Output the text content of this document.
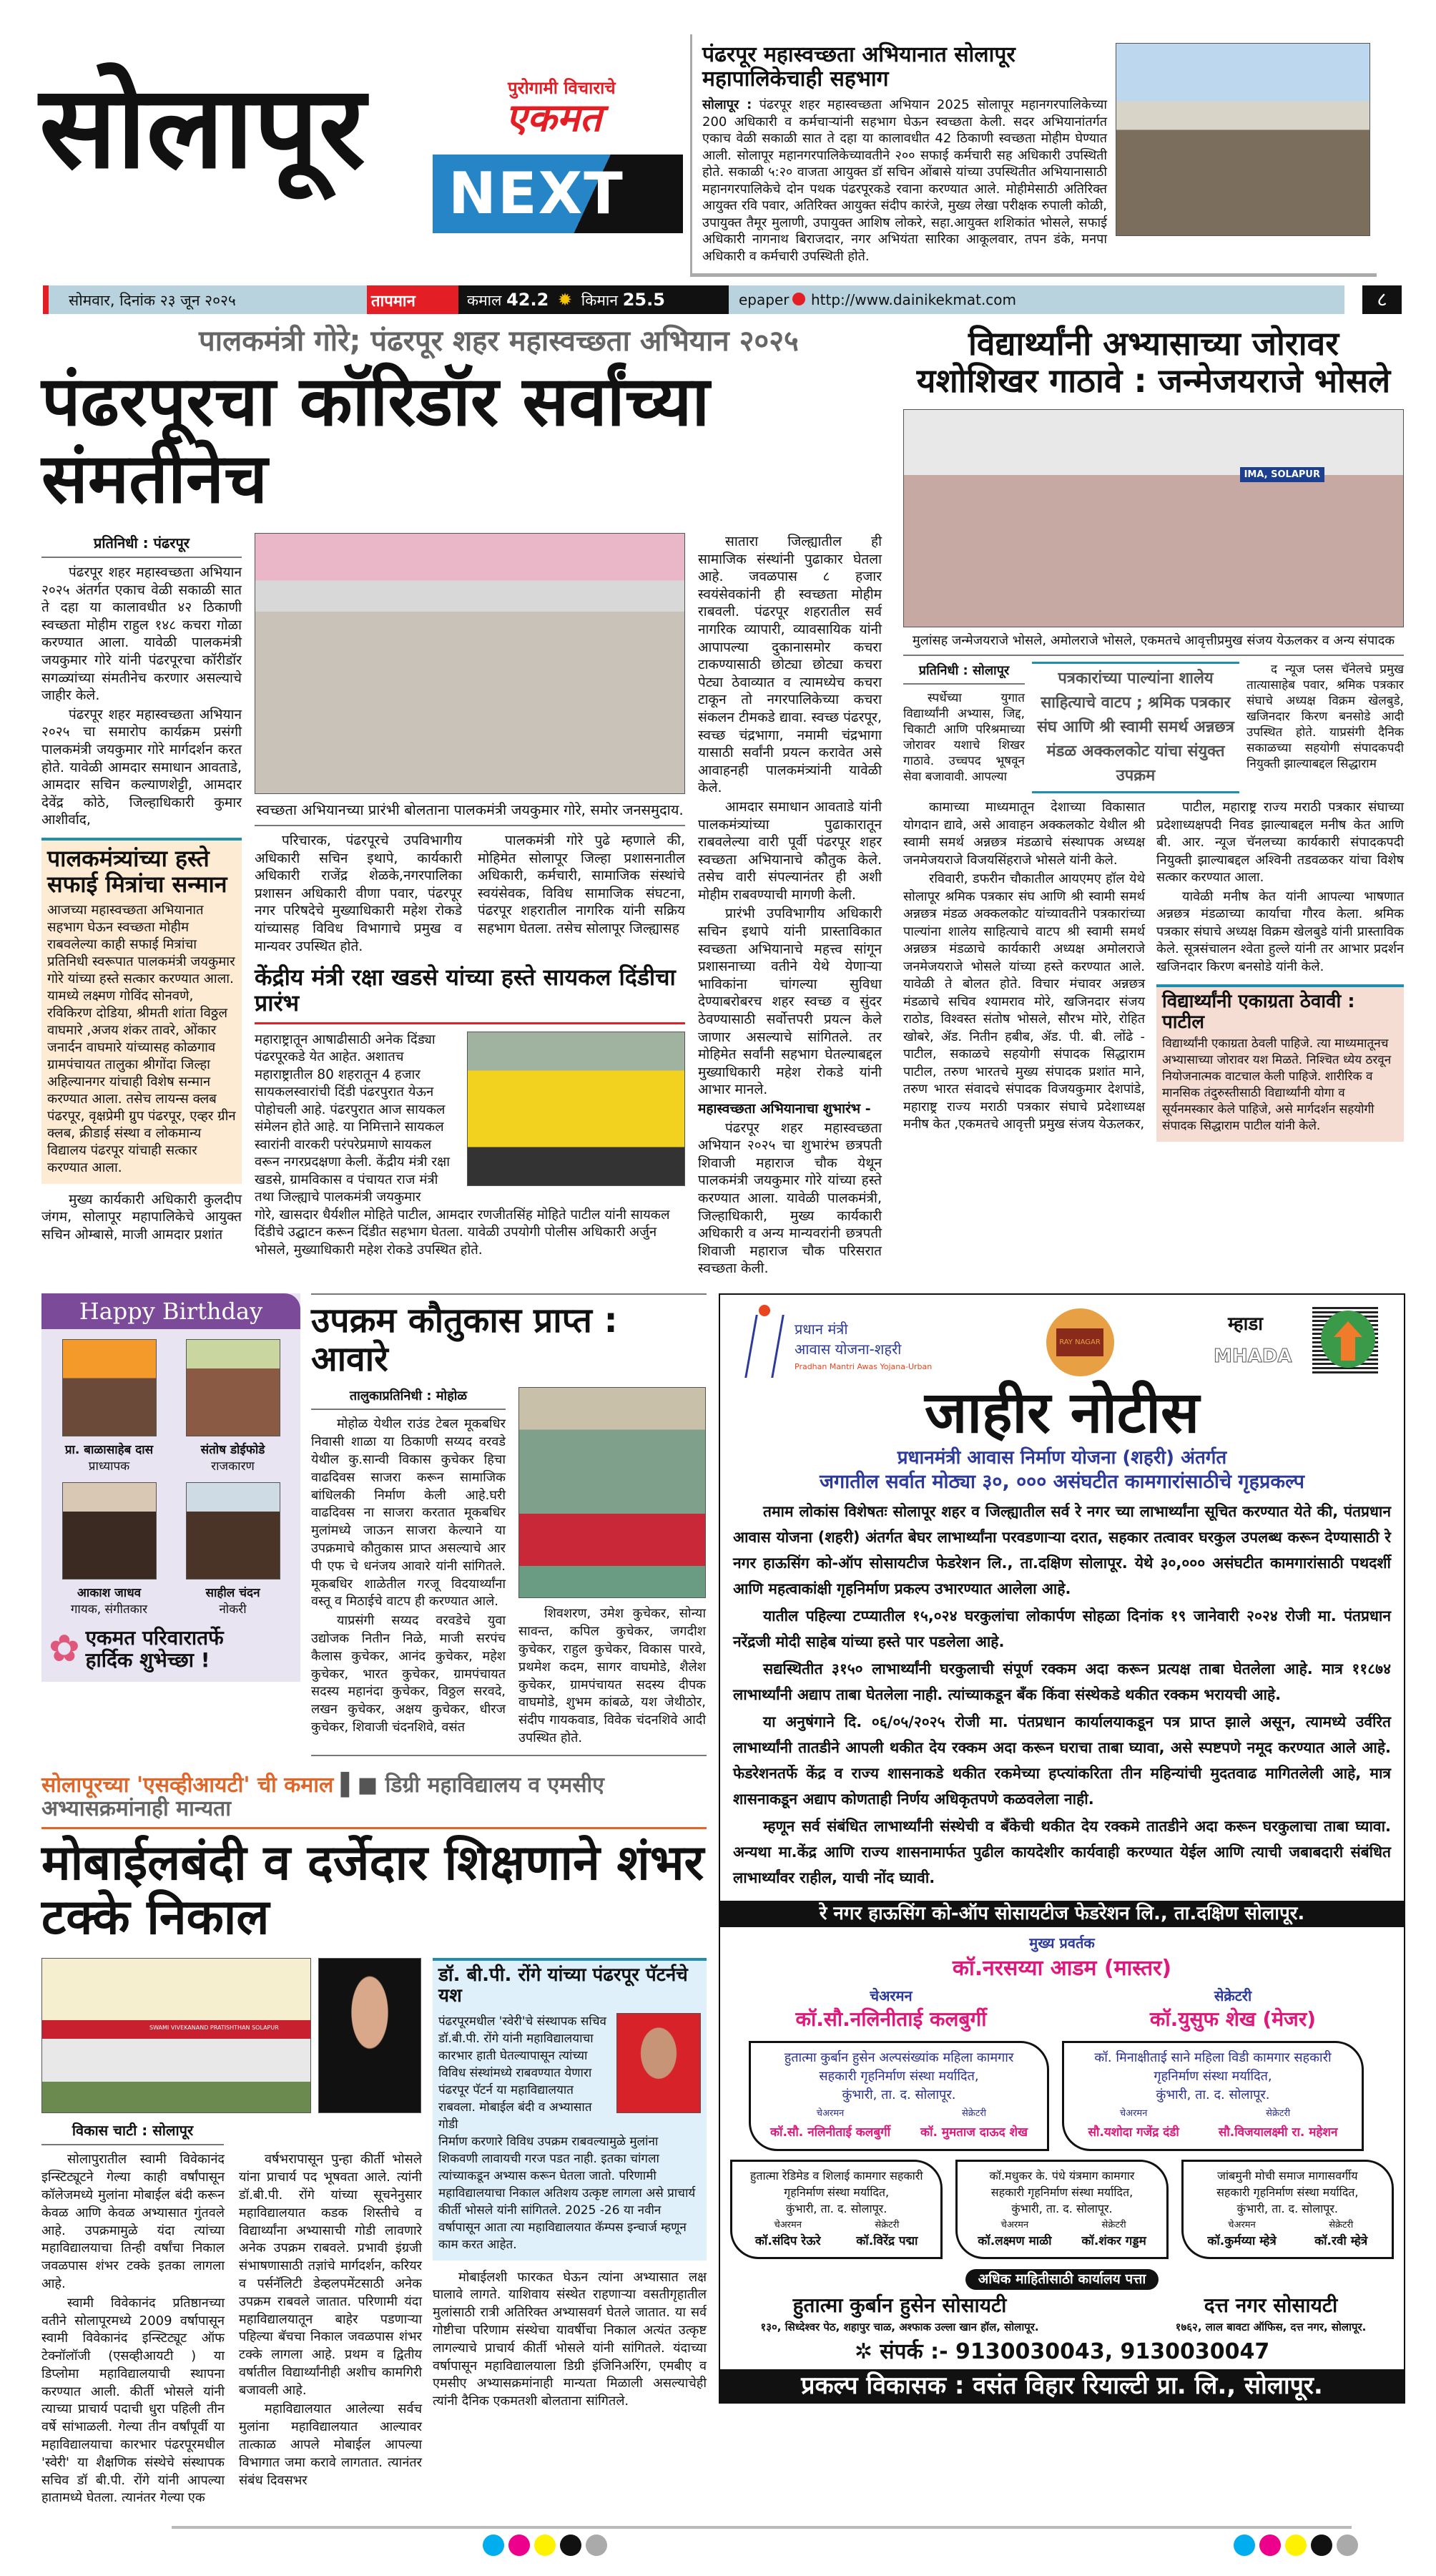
सोलापूर	पुरोगामी विचाराचे
एकमत
NEXT
पंढरपूर महास्वच्छता अभियानात सोलापूर महापालिकेचाही सहभाग
सोलापूर : पंढरपूर शहर महास्वच्छता अभियान 2025 सोलापूर महानगरपालिकेच्या 200 अधिकारी व कर्मचाऱ्यांनी सहभाग घेऊन स्वच्छता केली. सदर अभियानांतर्गत एकाच वेळी सकाळी सात ते दहा या कालावधीत 42 ठिकाणी स्वच्छता मोहीम घेण्यात आली. सोलापूर महानगरपालिकेच्यावतीने २०० सफाई कर्मचारी सह अधिकारी उपस्थिती होते. सकाळी ५:२० वाजता आयुक्त डॉ सचिन ओंबासे यांच्या उपस्थितीत अभियानासाठी महानगरपालिकेचे दोन पथक पंढरपूरकडे रवाना करण्यात आले. मोहीमेसाठी अतिरिक्त आयुक्त रवि पवार, अतिरिक्त आयुक्त संदीप कारंजे, मुख्य लेखा परीक्षक रुपाली कोळी, उपायुक्त तैमूर मुलाणी, उपायुक्त आशिष लोकरे, सहा.आयुक्त शशिकांत भोसले, सफाई अधिकारी नागनाथ बिराजदार, नगर अभियंता सारिका आकूलवार, तपन डंके, मनपा अधिकारी व कर्मचारी उपस्थिती होते.
सोमवार, दिनांक २३ जून २०२५	तापमान	कमाल 42.2 ✹ किमान 25.5	epaper http://www.dainikekmat.com	८
पालकमंत्री गोरे; पंढरपूर शहर महास्वच्छता अभियान २०२५
पंढरपूरचा कॉरिडॉर सर्वांच्या संमतीनेच
प्रतिनिधी : पंढरपूर

पंढरपूर शहर महास्वच्छता अभियान २०२५ अंतर्गत एकाच वेळी सकाळी सात ते दहा या कालावधीत ४२ ठिकाणी स्वच्छता मोहीम राहुल १४८ कचरा गोळा करण्यात आला. यावेळी पालकमंत्री जयकुमार गोरे यांनी पंढरपूरचा कॉरीडॉर सगळ्यांच्या संमतीनेच करणार असल्याचे जाहीर केले.

पंढरपूर शहर महास्वच्छता अभियान २०२५ चा समारोप कार्यक्रम प्रसंगी पालकमंत्री जयकुमार गोरे मार्गदर्शन करत होते. यावेळी आमदार समाधान आवताडे, आमदार सचिन कल्याणशेट्टी, आमदार देवेंद्र कोठे, जिल्हाधिकारी कुमार आशीर्वाद,

पालकमंत्र्यांच्या हस्ते
सफाई मित्रांचा सन्मान
आजच्या महास्वच्छता अभियानात सहभाग घेऊन स्वच्छता मोहीम राबवलेल्या काही सफाई मित्रांचा प्रतिनिधी स्वरूपात पालकमंत्री जयकुमार गोरे यांच्या हस्ते सत्कार करण्यात आला. यामध्ये लक्ष्मण गोविंद सोनवणे, रविकिरण दोडिया, श्रीमती शांता विठ्ठल वाघमारे ,अजय शंकर तावरे, ओंकार जनार्दन वाघमारे यांच्यासह कोळगाव ग्रामपंचायत तालुका श्रीगोंदा जिल्हा अहिल्यानगर यांचाही विशेष सन्मान करण्यात आला. तसेच लायन्स क्लब पंढरपूर, वृक्षप्रेमी ग्रुप पंढरपूर, एव्हर ग्रीन क्लब, क्रीडाई संस्था व लोकमान्य विद्यालय पंढरपूर यांचाही सत्कार करण्यात आला.

मुख्य कार्यकारी अधिकारी कुलदीप जंगम, सोलापूर महापालिकेचे आयुक्त सचिन ओम्बासे, माजी आमदार प्रशांत

स्वच्छता अभियानच्या प्रारंभी बोलताना पालकमंत्री जयकुमार गोरे, समोर जनसमुदाय.

परिचारक, पंढरपूरचे उपविभागीय अधिकारी सचिन इथापे, कार्यकारी अधिकारी राजेंद्र शेळके,नगरपालिका प्रशासन अधिकारी वीणा पवार, पंढरपूर नगर परिषदेचे मुख्याधिकारी महेश रोकडे यांच्यासह विविध विभागाचे प्रमुख व मान्यवर उपस्थित होते.

पालकमंत्री गोरे पुढे म्हणाले की, मोहिमेत सोलापूर जिल्हा प्रशासनातील अधिकारी, कर्मचारी, सामाजिक संस्थांचे स्वयंसेवक, विविध सामाजिक संघटना, पंढरपूर शहरातील नागरिक यांनी सक्रिय सहभाग घेतला. तसेच सोलापूर जिल्ह्यासह

केंद्रीय मंत्री रक्षा खडसे यांच्या हस्ते सायकल दिंडीचा प्रारंभ
महाराष्ट्रातून आषाढीसाठी अनेक दिंड्या पंढरपूरकडे येत आहेत. अशातच महाराष्ट्रातील 80 शहरातून 4 हजार सायकलस्वारांची दिंडी पंढरपुरात येऊन पोहोचली आहे. पंढरपुरात आज सायकल संमेलन होते आहे. या निमित्ताने सायकल स्वारांनी वारकरी परंपरेप्रमाणे सायकल वरून नगरप्रदक्षणा केली. केंद्रीय मंत्री रक्षा खडसे, ग्रामविकास व पंचायत राज मंत्री तथा जिल्ह्याचे पालकमंत्री जयकुमार
गोरे, खासदार धैर्यशील मोहिते पाटील, आमदार रणजीतसिंह मोहिते पाटील यांनी सायकल दिंडीचे उद्घाटन करून दिंडीत सहभाग घेतला. यावेळी उपयोगी पोलीस अधिकारी अर्जुन भोसले, मुख्याधिकारी महेश रोकडे उपस्थित होते.

सातारा जिल्ह्यातील ही सामाजिक संस्थांनी पुढाकार घेतला आहे. जवळपास ८ हजार स्वयंसेवकांनी ही स्वच्छता मोहीम राबवली. पंढरपूर शहरातील सर्व नागरिक व्यापारी, व्यावसायिक यांनी आपापल्या दुकानासमोर कचरा टाकण्यासाठी छोट्या छोट्या कचरा पेट्या ठेवाव्यात व त्यामध्येच कचरा टाकून तो नगरपालिकेच्या कचरा संकलन टीमकडे द्यावा. स्वच्छ पंढरपूर, स्वच्छ चंद्रभागा, नमामी चंद्रभागा यासाठी सर्वांनी प्रयत्न करावेत असे आवाहनही पालकमंत्र्यांनी यावेळी केले.

आमदार समाधान आवताडे यांनी पालकमंत्र्यांच्या पुढाकारातून राबवलेल्या वारी पूर्वी पंढरपूर शहर स्वच्छता अभियानाचे कौतुक केले. तसेच वारी संपल्यानंतर ही अशी मोहीम राबवण्याची मागणी केली.

प्रारंभी उपविभागीय अधिकारी सचिन इथापे यांनी प्रास्ताविकात स्वच्छता अभियानाचे महत्त्व सांगून प्रशासनाच्या वतीने येथे येणाऱ्या भाविकांना चांगल्या सुविधा देण्याबरोबरच शहर स्वच्छ व सुंदर ठेवण्यासाठी सर्वोत्तपरी प्रयत्न केले जाणार असल्याचे सांगितले. तर मोहिमेत सर्वांनी सहभाग घेतल्याबद्दल मुख्याधिकारी महेश रोकडे यांनी आभार मानले.

महास्वच्छता अभियानाचा शुभारंभ -

पंढरपूर शहर महास्वच्छता अभियान २०२५ चा शुभारंभ छत्रपती शिवाजी महाराज चौक येथून पालकमंत्री जयकुमार गोरे यांच्या हस्ते करण्यात आला. यावेळी पालकमंत्री, जिल्हाधिकारी, मुख्य कार्यकारी अधिकारी व अन्य मान्यवरांनी छत्रपती शिवाजी महाराज चौक परिसरात स्वच्छता केली.

विद्यार्थ्यांनी अभ्यासाच्या जोरावर
यशोशिखर गाठावे : जन्मेजयराजे भोसले
IMA, SOLAPUR
मुलांसह जन्मेजयराजे भोसले, अमोलराजे भोसले, एकमतचे आवृत्तीप्रमुख संजय येऊलकर व अन्य संपादक
प्रतिनिधी : सोलापूर

स्पर्धेच्या युगात विद्यार्थ्यांनी अभ्यास, जिद्द, चिकाटी आणि परिश्रमाच्या जोरावर यशाचे शिखर गाठावे. उच्चपद भूषवून सेवा बजावावी. आपल्या

पत्रकारांच्या पाल्यांना शालेय साहित्याचे वाटप ; श्रमिक पत्रकार संघ आणि श्री स्वामी समर्थ अन्नछत्र मंडळ अक्कलकोट यांचा संयुक्त उपक्रम

द न्यूज प्लस चॅनेलचे प्रमुख तात्यासाहेब पवार, श्रमिक पत्रकार संघाचे अध्यक्ष विक्रम खेलबुडे, खजिनदार किरण बनसोडे आदी उपस्थित होते. याप्रसंगी दैनिक सकाळच्या सहयोगी संपादकपदी नियुक्ती झाल्याबद्दल सिद्धाराम

कामाच्या माध्यमातून देशाच्या विकासात योगदान द्यावे, असे आवाहन अक्कलकोट येथील श्री स्वामी समर्थ अन्नछत्र मंडळाचे संस्थापक अध्यक्ष जनमेजयराजे विजयसिंहराजे भोसले यांनी केले.

रविवारी, डफरीन चौकातील आयएमए हॉल येथे सोलापूर श्रमिक पत्रकार संघ आणि श्री स्वामी समर्थ अन्नछत्र मंडळ अक्कलकोट यांच्यावतीने पत्रकारांच्या पाल्यांना शालेय साहित्याचे वाटप श्री स्वामी समर्थ अन्नछत्र मंडळाचे कार्यकारी अध्यक्ष अमोलराजे जनमेजयराजे भोसले यांच्या हस्ते करण्यात आले. यावेळी ते बोलत होते. विचार मंचावर अन्नछत्र मंडळाचे सचिव श्यामराव मोरे, खजिनदार संजय राठोड, विश्वस्त संतोष भोसले, सौरभ मोरे, रोहित खोबरे, ॲड. नितीन हबीब, ॲड. पी. बी. लोंढे - पाटील, सकाळचे सहयोगी संपादक सिद्धाराम पाटील, तरुण भारतचे मुख्य संपादक प्रशांत माने, तरुण भारत संवादचे संपादक विजयकुमार देशपांडे, महाराष्ट्र राज्य मराठी पत्रकार संघाचे प्रदेशाध्यक्ष मनीष केत ,एकमतचे आवृत्ती प्रमुख संजय येऊलकर,

पाटील, महाराष्ट्र राज्य मराठी पत्रकार संघाच्या प्रदेशाध्यक्षपदी निवड झाल्याबद्दल मनीष केत आणि बी. आर. न्यूज चॅनलच्या कार्यकारी संपादकपदी नियुक्ती झाल्याबद्दल अश्विनी तडवळकर यांचा विशेष सत्कार करण्यात आला.

यावेळी मनीष केत यांनी आपल्या भाषणात अन्नछत्र मंडळाच्या कार्याचा गौरव केला. श्रमिक पत्रकार संघाचे अध्यक्ष विक्रम खेलबुडे यांनी प्रास्ताविक केले. सूत्रसंचालन श्वेता हुल्ले यांनी तर आभार प्रदर्शन खजिनदार किरण बनसोडे यांनी केले.

विद्यार्थ्यांनी एकाग्रता ठेवावी : पाटील
विद्यार्थ्यांनी एकाग्रता ठेवली पाहिजे. त्या माध्यमातूनच अभ्यासाच्या जोरावर यश मिळते. निश्चित ध्येय ठरवून नियोजनात्मक वाटचाल केली पाहिजे. शारीरिक व मानसिक तंदुरुस्तीसाठी विद्यार्थ्यांनी योगा व सूर्यनमस्कार केले पाहिजे, असे मार्गदर्शन सहयोगी संपादक सिद्धाराम पाटील यांनी केले.
Happy Birthday
प्रा. बाळासाहेब दास
प्राध्यापक
संतोष डोईफोडे
राजकारण
आकाश जाधव
गायक, संगीतकार
साहील चंदन
नोकरी
✿ एकमत परिवारातर्फे
हार्दिक शुभेच्छा !
उपक्रम कौतुकास प्राप्त : आवारे
तालुकाप्रतिनिधी : मोहोळ

मोहोळ येथील राउंड टेबल मूकबधिर निवासी शाळा या ठिकाणी सय्यद वरवडे येथील कु.सान्वी विकास कुचेकर हिचा वाढदिवस साजरा करून सामाजिक बांधिलकी निर्माण केली आहे.घरी वाढदिवस ना साजरा करतात मूकबधिर मुलांमध्ये जाऊन साजरा केल्याने या उपक्रमाचे कौतुकास प्राप्त असल्याचे आर पी एफ चे धनंजय आवारे यांनी सांगितले. मूकबधिर शाळेतील गरजू विदयार्थ्यांना वस्तू व मिठाईचे वाटप ही करण्यात आले.

याप्रसंगी सय्यद वरवडेचे युवा उद्योजक नितीन निळे, माजी सरपंच कैलास कुचेकर, आनंद कुचेकर, महेश कुचेकर, भारत कुचेकर, ग्रामपंचायत सदस्य महानंदा कुचेकर, विठ्ठल सरवदे, लखन कुचेकर, अक्षय कुचेकर, धीरज कुचेकर, शिवाजी चंदनशिवे, वसंत

शिवशरण, उमेश कुचेकर, सोन्या सावन्त, कपिल कुचेकर, जगदीश कुचेकर, राहुल कुचेकर, विकास पारवे, प्रथमेश कदम, सागर वाघमोडे, शैलेश कुचेकर, ग्रामपंचायत सदस्य दीपक वाघमोडे, शुभम कांबळे, यश जेथीठोर, संदीप गायकवाड, विवेक चंदनशिवे आदी उपस्थित होते.

सोलापूरच्या 'एसव्हीआयटी' ची कमाल ▌■ डिग्री महाविद्यालय व एमसीए अभ्यासक्रमांनाही मान्यता
मोबाईलबंदी व दर्जेदार शिक्षणाने शंभर टक्के निकाल
SWAMI VIVEKANAND PRATISHTHAN SOLAPUR
विकास चाटी : सोलापूर

सोलापुरातील स्वामी विवेकानंद इन्स्टिट्यूटने गेल्या काही वर्षांपासून कॉलेजमध्ये मुलांना मोबाईल बंदी करून केवळ आणि केवळ अभ्यासात गुंतवले आहे. उपक्रमामुळे यंदा त्यांच्या महाविद्यालयाचा तिन्ही वर्षांचा निकाल जवळपास शंभर टक्के इतका लागला आहे.

स्वामी विवेकानंद प्रतिष्ठानच्या वतीने सोलापूरमध्ये 2009 वर्षापासून स्वामी विवेकानंद इन्स्टिट्यूट ऑफ टेक्नॉलॉजी (एसव्हीआयटी ) या डिप्लोमा महाविद्यालयाची स्थापना करण्यात आली. कीर्ती भोसले यांनी त्याच्या प्राचार्य पदाची धुरा पहिली तीन वर्षे सांभाळली. गेल्या तीन वर्षांपूर्वी या महाविद्यालयाचा कारभार पंढरपूरमधील 'स्वेरी' या शैक्षणिक संस्थेचे संस्थापक सचिव डॉ बी.पी. रोंगे यांनी आपल्या हातामध्ये घेतला. त्यानंतर गेल्या एक

वर्षभरापासून पुन्हा कीर्ती भोसले यांना प्राचार्य पद भूषवता आले. त्यांनी डॉ.बी.पी. रोंगे यांच्या सूचनेनुसार महाविद्यालयात कडक शिस्तीचे व विद्यार्थ्यांना अभ्यासाची गोडी लावणारे अनेक उपक्रम राबवले. प्रभावी इंग्रजी संभाषणासाठी तज्ञांचे मार्गदर्शन, करियर व पर्सनॅलिटी डेव्हलपमेंटसाठी अनेक उपक्रम राबवले जातात. परिणामी यंदा महाविद्यालयातून बाहेर पडणाऱ्या पहिल्या बॅचचा निकाल जवळपास शंभर टक्के लागला आहे. प्रथम व द्वितीय वर्षातील विद्यार्थ्यांनीही अशीच कामगिरी बजावली आहे.

महाविद्यालयात आलेल्या सर्वच मुलांना महाविद्यालयात आल्यावर तात्काळ आपले मोबाईल आपल्या विभागात जमा करावे लागतात. त्यानंतर संबंध दिवसभर

डॉ. बी.पी. रोंगे यांच्या पंढरपूर पॅटर्नचे यश
पंढरपूरमधील 'स्वेरी'चे संस्थापक सचिव डॉ.बी.पी. रोंगे यांनी महाविद्यालयाचा कारभार हाती घेतल्यापासून त्यांच्या विविध संस्थांमध्ये राबवण्यात येणारा पंढरपूर पॅटर्न या महाविद्यालयात राबवला. मोबाईल बंदी व अभ्यासात गोडी
निर्माण करणारे विविध उपक्रम राबवल्यामुळे मुलांना शिकवणी लावायची गरज पडत नाही. इतका चांगला त्यांच्याकडून अभ्यास करून घेतला जातो. परिणामी महाविद्यालयाचा निकाल अतिशय उत्कृष्ट लागला असे प्राचार्य कीर्ती भोसले यांनी सांगितले. 2025 -26 या नवीन वर्षापासून आता त्या महाविद्यालयात कॅम्पस इन्चार्ज म्हणून काम करत आहेत.

मोबाईलशी फारकत घेऊन त्यांना अभ्यासात लक्ष घालावे लागते. याशिवाय संस्थेत राहणाऱ्या वसतीगृहातील मुलांसाठी रात्री अतिरिक्त अभ्यासवर्ग घेतले जातात. या सर्व गोष्टीचा परिणाम संस्थेचा यावर्षीचा निकाल अत्यंत उत्कृष्ट लागल्याचे प्राचार्य कीर्ती भोसले यांनी सांगितले. यंदाच्या वर्षापासून महाविद्यालयाला डिग्री इंजिनिअरिंग, एमबीए व एमसीए अभ्यासक्रमांनाही मान्यता मिळाली असल्याचेही त्यांनी दैनिक एकमतशी बोलताना सांगितले.

प्रधान मंत्री
आवास योजना-शहरी
Pradhan Mantri Awas Yojana-Urban
RAY NAGAR
म्हाडा
MHADA
जाहीर नोटीस
प्रधानमंत्री आवास निर्माण योजना (शहरी) अंतर्गत
जगातील सर्वात मोठ्या ३०, ००० असंघटीत कामगारांसाठीचे गृहप्रकल्प

तमाम लोकांस विशेषतः सोलापूर शहर व जिल्ह्यातील सर्व रे नगर च्या लाभार्थ्यांना सूचित करण्यात येते की, पंतप्रधान आवास योजना (शहरी) अंतर्गत बेघर लाभार्थ्यांना परवडणाऱ्या दरात, सहकार तत्वावर घरकुल उपलब्ध करून देण्यासाठी रे नगर हाऊसिंग को-ऑप सोसायटीज फेडरेशन लि., ता.दक्षिण सोलापूर. येथे ३०,००० असंघटीत कामगारांसाठी पथदर्शी आणि महत्वाकांक्षी गृहनिर्माण प्रकल्प उभारण्यात आलेला आहे.

यातील पहिल्या टप्प्यातील १५,०२४ घरकुलांचा लोकार्पण सोहळा दिनांक १९ जानेवारी २०२४ रोजी मा. पंतप्रधान नरेंद्रजी मोदी साहेब यांच्या हस्ते पार पडलेला आहे.

सद्यस्थितीत ३१५० लाभार्थ्यांनी घरकुलाची संपूर्ण रक्कम अदा करून प्रत्यक्ष ताबा घेतलेला आहे. मात्र ११८७४ लाभार्थ्यांनी अद्याप ताबा घेतलेला नाही. त्यांच्याकडून बँक किंवा संस्थेकडे थकीत रक्कम भरायची आहे.

या अनुषंगाने दि. ०६/०५/२०२५ रोजी मा. पंतप्रधान कार्यालयाकडून पत्र प्राप्त झाले असून, त्यामध्ये उर्वरित लाभार्थ्यांनी तातडीने आपली थकीत देय रक्कम अदा करून घराचा ताबा घ्यावा, असे स्पष्टपणे नमूद करण्यात आले आहे. फेडरेशनतर्फे केंद्र व राज्य शासनाकडे थकीत रकमेच्या हप्त्यांकरिता तीन महिन्यांची मुदतवाढ मागितलेली आहे, मात्र शासनाकडून अद्याप कोणताही निर्णय अधिकृतपणे कळवलेला नाही.

म्हणून सर्व संबंधित लाभार्थ्यांनी संस्थेची व बँकेची थकीत देय रक्कमे तातडीने अदा करून घरकुलाचा ताबा घ्यावा. अन्यथा मा.केंद्र आणि राज्य शासनामार्फत पुढील कायदेशीर कार्यवाही करण्यात येईल आणि त्याची जबाबदारी संबंधित लाभार्थ्यांवर राहील, याची नोंद घ्यावी.

रे नगर हाऊसिंग को-ऑप सोसायटीज फेडरेशन लि., ता.दक्षिण सोलापूर.
मुख्य प्रवर्तक
कॉ.नरसय्या आडम (मास्तर)
चेअरमन
कॉ.सौ.नलिनीताई कलबुर्गी
सेक्रेटरी
कॉ.युसुफ शेख (मेजर)
हुतात्मा कुर्बान हुसेन अल्पसंख्यांक महिला कामगार सहकारी गृहनिर्माण संस्था मर्यादित,
कुंभारी, ता. द. सोलापूर.
चेअरमन
कॉ.सौ. नलिनीताई कलबुर्गी
सेक्रेटरी
कॉ. मुमताज दाऊद शेख
कॉ. मिनाक्षीताई साने महिला विडी कामगार सहकारी गृहनिर्माण संस्था मर्यादित,
कुंभारी, ता. द. सोलापूर.
चेअरमन
सौ.यशोदा गजेंद्र दंडी
सेक्रेटरी
सौ.विजयालक्ष्मी रा. महेशन
हुतात्मा रेडिमेड व शिलाई कामगार सहकारी गृहनिर्माण संस्था मर्यादित,
कुंभारी, ता. द. सोलापूर.
चेअरमन
कॉ.संदिप रेऊरे
सेक्रेटरी
कॉ.विरेंद्र पद्मा
कॉ.मधुकर के. पंधे यंत्रमाग कामगार सहकारी गृहनिर्माण संस्था मर्यादित,
कुंभारी, ता. द. सोलापूर.
चेअरमन
कॉ.लक्ष्मण माळी
सेक्रेटरी
कॉ.शंकर गड्डम
जांबमुनी मोची समाज मागासवर्गीय सहकारी गृहनिर्माण संस्था मर्यादित,
कुंभारी, ता. द. सोलापूर.
चेअरमन
कॉ.कुर्मय्या म्हेत्रे
सेक्रेटरी
कॉ.रवी म्हेत्रे
अधिक माहितीसाठी कार्यालय पत्ता
हुतात्मा कुर्बान हुसेन सोसायटी
१३०, सिध्देश्वर पेठ, शहापुर चाळ, अश्फाक उल्ला खान हॉल, सोलापूर.
दत्त नगर सोसायटी
१७६२, लाल बावटा ऑफिस, दत्त नगर, सोलापूर.
✲ संपर्क :- 9130030043, 9130030047
प्रकल्प विकासक : वसंत विहार रियाल्टी प्रा. लि., सोलापूर.
